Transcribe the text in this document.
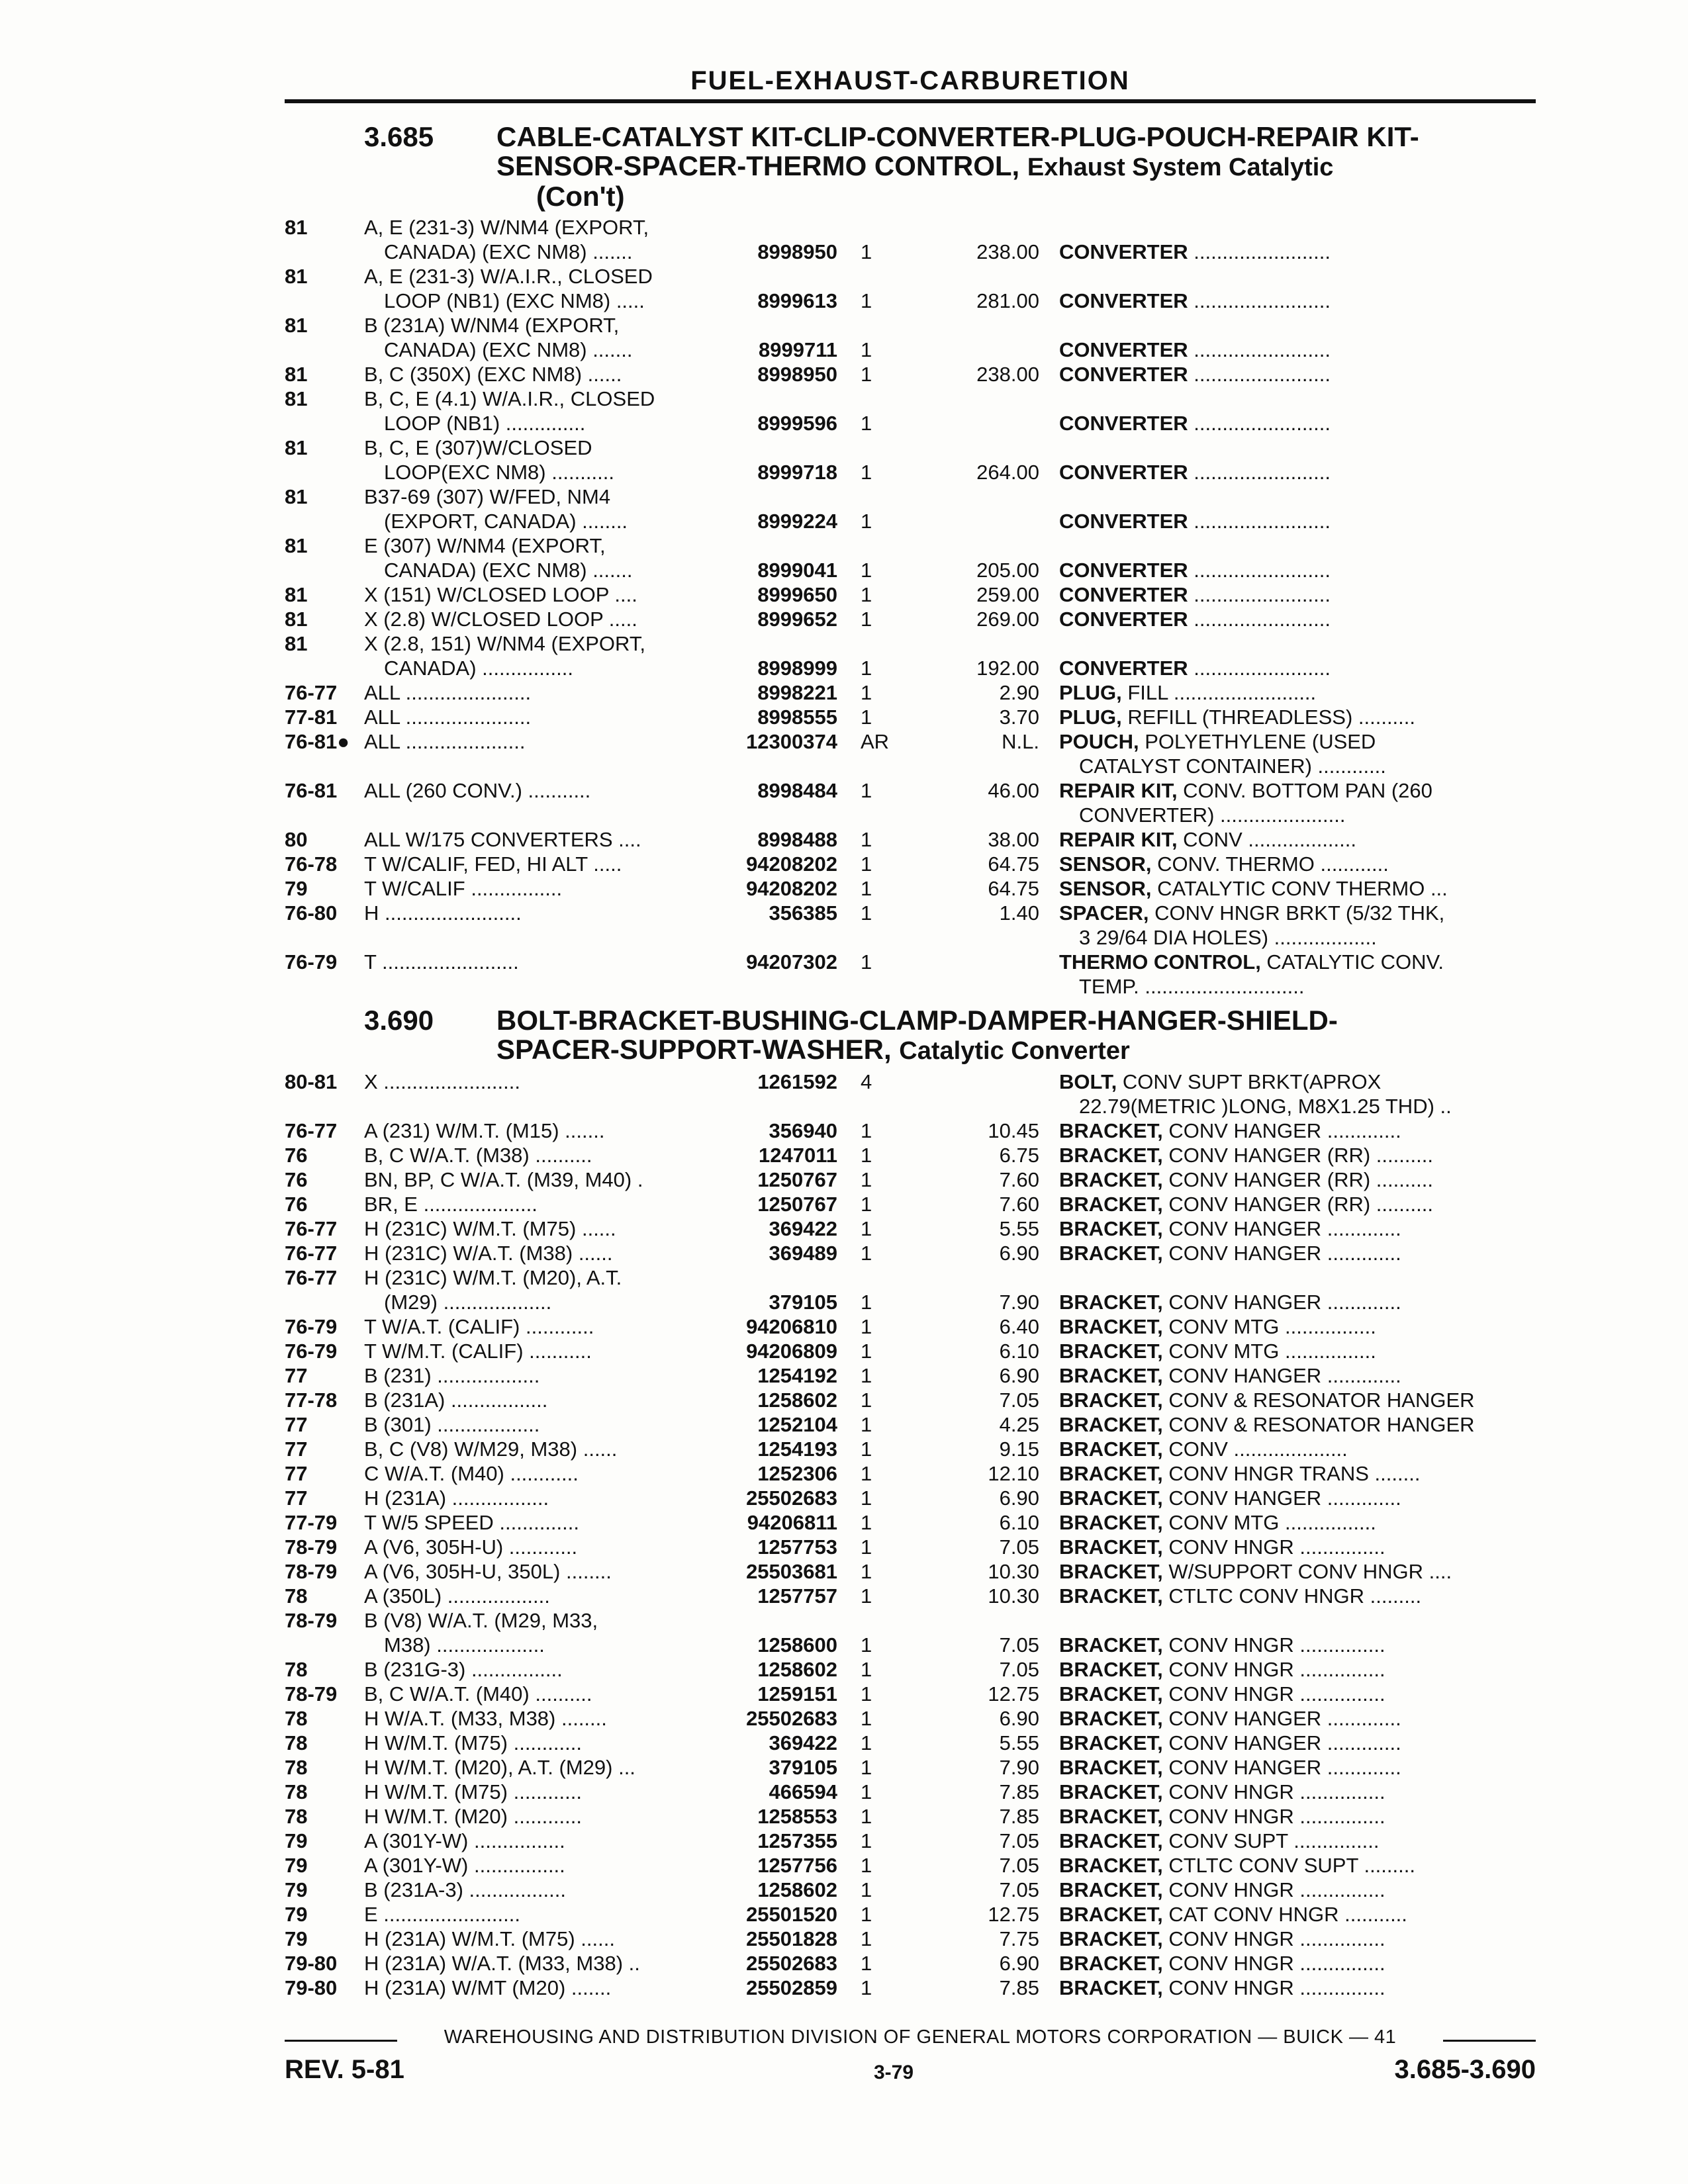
FUEL-EXHAUST-CARBURETION
3.685 CABLE-CATALYST KIT-CLIP-CONVERTER-PLUG-POUCH-REPAIR KIT-
SENSOR-SPACER-THERMO CONTROL, Exhaust System Catalytic
(Con't)
81	A, E (231-3) W/NM4 (EXPORT,
CANADA) (EXC NM8) .......	8998950 1	238.00 CONVERTER ........................
81	A, E (231-3) W/A.I.R., CLOSED
LOOP (NB1) (EXC NM8) .....	8999613 1	281.00 CONVERTER ........................
81	B (231A) W/NM4 (EXPORT,
CANADA) (EXC NM8) .......	8999711 1	CONVERTER ........................
81	B, C (350X) (EXC NM8) ......	8998950 1	238.00 CONVERTER ........................
81	B, C, E (4.1) W/A.I.R., CLOSED
LOOP (NB1) ..............	8999596 1	CONVERTER ........................
81	B, C, E (307)W/CLOSED
LOOP(EXC NM8) ...........	8999718 1	264.00 CONVERTER ........................
81	B37-69 (307) W/FED, NM4
(EXPORT, CANADA) ........	8999224 1	CONVERTER ........................
81	E (307) W/NM4 (EXPORT,
CANADA) (EXC NM8) .......	8999041 1	205.00 CONVERTER ........................
81	X (151) W/CLOSED LOOP ....	8999650 1	259.00 CONVERTER ........................
81	X (2.8) W/CLOSED LOOP .....	8999652 1	269.00 CONVERTER ........................
81	X (2.8, 151) W/NM4 (EXPORT,
CANADA) ................	8998999 1	192.00 CONVERTER ........................
76-77 ALL ......................	8998221 1	2.90 PLUG, FILL .........................
77-81 ALL ......................	8998555 1	3.70 PLUG, REFILL (THREADLESS) ..........
76-81● ALL .....................	12300374 AR	N.L. POUCH, POLYETHYLENE (USED
CATALYST CONTAINER) ............
76-81 ALL (260 CONV.) ...........	8998484 1	46.00 REPAIR KIT, CONV. BOTTOM PAN (260
CONVERTER) ......................
80	ALL W/175 CONVERTERS ....	8998488 1	38.00 REPAIR KIT, CONV ...................
76-78 T W/CALIF, FED, HI ALT .....	94208202 1	64.75 SENSOR, CONV. THERMO ............
79	T W/CALIF ................	94208202 1	64.75 SENSOR, CATALYTIC CONV THERMO ...
76-80 H ........................	356385 1	1.40 SPACER, CONV HNGR BRKT (5/32 THK,
3 29/64 DIA HOLES) ..................
76-79 T ........................	94207302 1	THERMO CONTROL, CATALYTIC CONV.
TEMP. ............................
3.690 BOLT-BRACKET-BUSHING-CLAMP-DAMPER-HANGER-SHIELD-
SPACER-SUPPORT-WASHER, Catalytic Converter
80-81 X ........................	1261592 4	BOLT, CONV SUPT BRKT(APROX
22.79(METRIC )LONG, M8X1.25 THD) ..
76-77 A (231) W/M.T. (M15) .......	356940 1	10.45 BRACKET, CONV HANGER .............
76	B, C W/A.T. (M38) ..........	1247011 1	6.75 BRACKET, CONV HANGER (RR) ..........
76	BN, BP, C W/A.T. (M39, M40) .	1250767 1	7.60 BRACKET, CONV HANGER (RR) ..........
76	BR, E ....................	1250767 1	7.60 BRACKET, CONV HANGER (RR) ..........
76-77 H (231C) W/M.T. (M75) ......	369422 1	5.55 BRACKET, CONV HANGER .............
76-77 H (231C) W/A.T. (M38) ......	369489 1	6.90 BRACKET, CONV HANGER .............
76-77 H (231C) W/M.T. (M20), A.T.
(M29) ...................	379105 1	7.90 BRACKET, CONV HANGER .............
76-79 T W/A.T. (CALIF) ............	94206810 1	6.40 BRACKET, CONV MTG ................
76-79 T W/M.T. (CALIF) ...........	94206809 1	6.10 BRACKET, CONV MTG ................
77	B (231) ..................	1254192 1	6.90 BRACKET, CONV HANGER .............
77-78 B (231A) .................	1258602 1	7.05 BRACKET, CONV & RESONATOR HANGER
77	B (301) ..................	1252104 1	4.25 BRACKET, CONV & RESONATOR HANGER
77	B, C (V8) W/M29, M38) ......	1254193 1	9.15 BRACKET, CONV ....................
77	C W/A.T. (M40) ............	1252306 1	12.10 BRACKET, CONV HNGR TRANS ........
77	H (231A) .................	25502683 1	6.90 BRACKET, CONV HANGER .............
77-79 T W/5 SPEED ..............	94206811 1	6.10 BRACKET, CONV MTG ................
78-79 A (V6, 305H-U) ............	1257753 1	7.05 BRACKET, CONV HNGR ...............
78-79 A (V6, 305H-U, 350L) ........	25503681 1	10.30 BRACKET, W/SUPPORT CONV HNGR ....
78	A (350L) ..................	1257757 1	10.30 BRACKET, CTLTC CONV HNGR .........
78-79 B (V8) W/A.T. (M29, M33,
M38) ...................	1258600 1	7.05 BRACKET, CONV HNGR ...............
78	B (231G-3) ................	1258602 1	7.05 BRACKET, CONV HNGR ...............
78-79 B, C W/A.T. (M40) ..........	1259151 1	12.75 BRACKET, CONV HNGR ...............
78	H W/A.T. (M33, M38) ........	25502683 1	6.90 BRACKET, CONV HANGER .............
78	H W/M.T. (M75) ............	369422 1	5.55 BRACKET, CONV HANGER .............
78	H W/M.T. (M20), A.T. (M29) ...	379105 1	7.90 BRACKET, CONV HANGER .............
78	H W/M.T. (M75) ............	466594 1	7.85 BRACKET, CONV HNGR ...............
78	H W/M.T. (M20) ............	1258553 1	7.85 BRACKET, CONV HNGR ...............
79	A (301Y-W) ................	1257355 1	7.05 BRACKET, CONV SUPT ...............
79	A (301Y-W) ................	1257756 1	7.05 BRACKET, CTLTC CONV SUPT .........
79	B (231A-3) .................	1258602 1	7.05 BRACKET, CONV HNGR ...............
79	E ........................	25501520 1	12.75 BRACKET, CAT CONV HNGR ...........
79	H (231A) W/M.T. (M75) ......	25501828 1	7.75 BRACKET, CONV HNGR ...............
79-80 H (231A) W/A.T. (M33, M38) ..	25502683 1	6.90 BRACKET, CONV HNGR ...............
79-80 H (231A) W/MT (M20) .......	25502859 1	7.85 BRACKET, CONV HNGR ...............
WAREHOUSING AND DISTRIBUTION DIVISION OF GENERAL MOTORS CORPORATION — BUICK — 41
REV. 5-81	3-79	3.685-3.690
